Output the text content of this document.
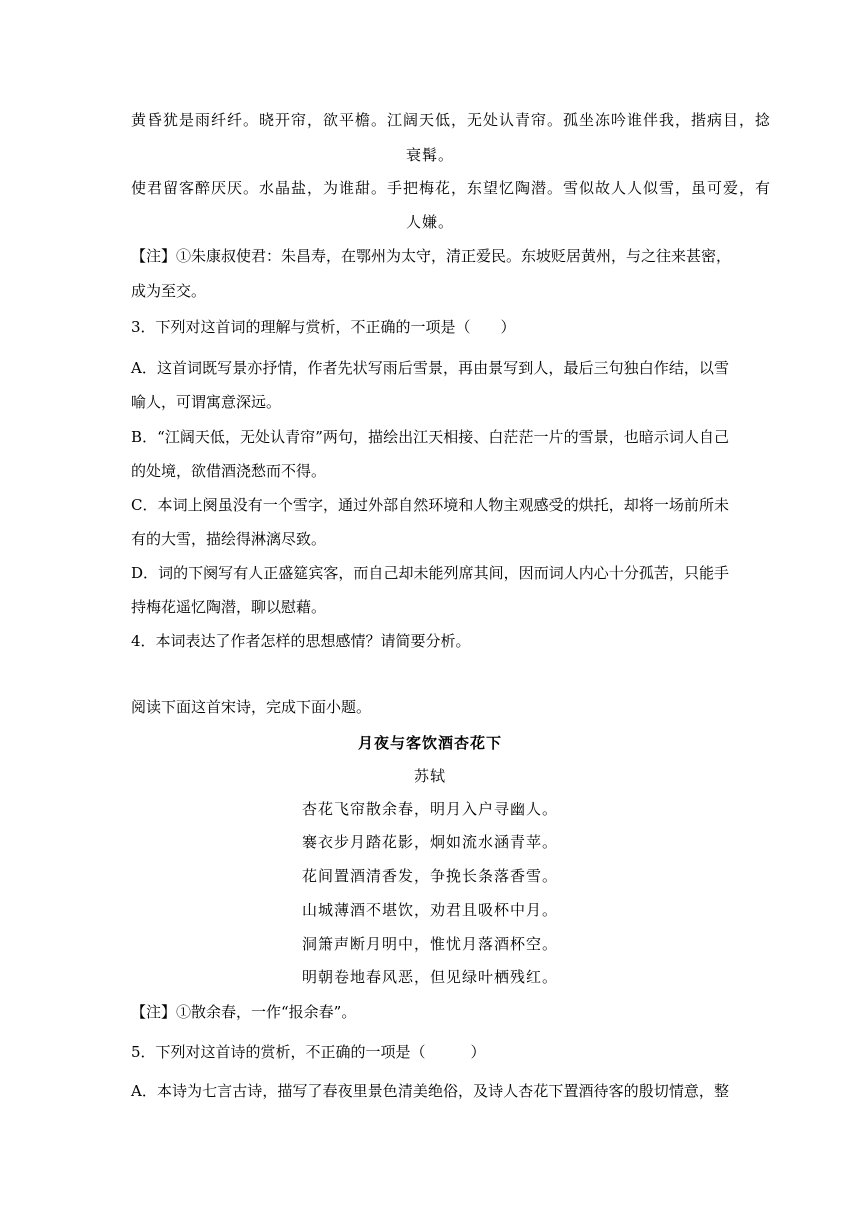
黄昏犹是雨纤纤。晓开帘，欲平檐。江阔天低，无处认青帘。孤坐冻吟谁伴我，揩病目，捻
衰髯。
使君留客醉厌厌。水晶盐，为谁甜。手把梅花，东望忆陶潜。雪似故人人似雪，虽可爱，有
人嫌。
【注】①朱康叔使君：朱昌寿，在鄂州为太守，清正爱民。东坡贬居黄州，与之往来甚密，
成为至交。
3．下列对这首词的理解与赏析，不正确的一项是（　　）
A．这首词既写景亦抒情，作者先状写雨后雪景，再由景写到人，最后三句独白作结，以雪
喻人，可谓寓意深远。
B．“江阔天低，无处认青帘”两句，描绘出江天相接、白茫茫一片的雪景，也暗示词人自己
的处境，欲借酒浇愁而不得。
C．本词上阕虽没有一个雪字，通过外部自然环境和人物主观感受的烘托，却将一场前所未
有的大雪，描绘得淋漓尽致。
D．词的下阕写有人正盛筵宾客，而自己却未能列席其间，因而词人内心十分孤苦，只能手
持梅花遥忆陶潜，聊以慰藉。
4．本词表达了作者怎样的思想感情？请简要分析。
阅读下面这首宋诗，完成下面小题。
月夜与客饮酒杏花下
苏轼
杏花飞帘散余春，明月入户寻幽人。
褰衣步月踏花影，炯如流水涵青苹。
花间置酒清香发，争挽长条落香雪。
山城薄酒不堪饮，劝君且吸杯中月。
洞箫声断月明中，惟忧月落酒杯空。
明朝卷地春风恶，但见绿叶栖残红。
【注】①散余春，一作“报余春”。
5．下列对这首诗的赏析，不正确的一项是（　　　）
A．本诗为七言古诗，描写了春夜里景色清美绝俗，及诗人杏花下置酒待客的殷切情意，整
